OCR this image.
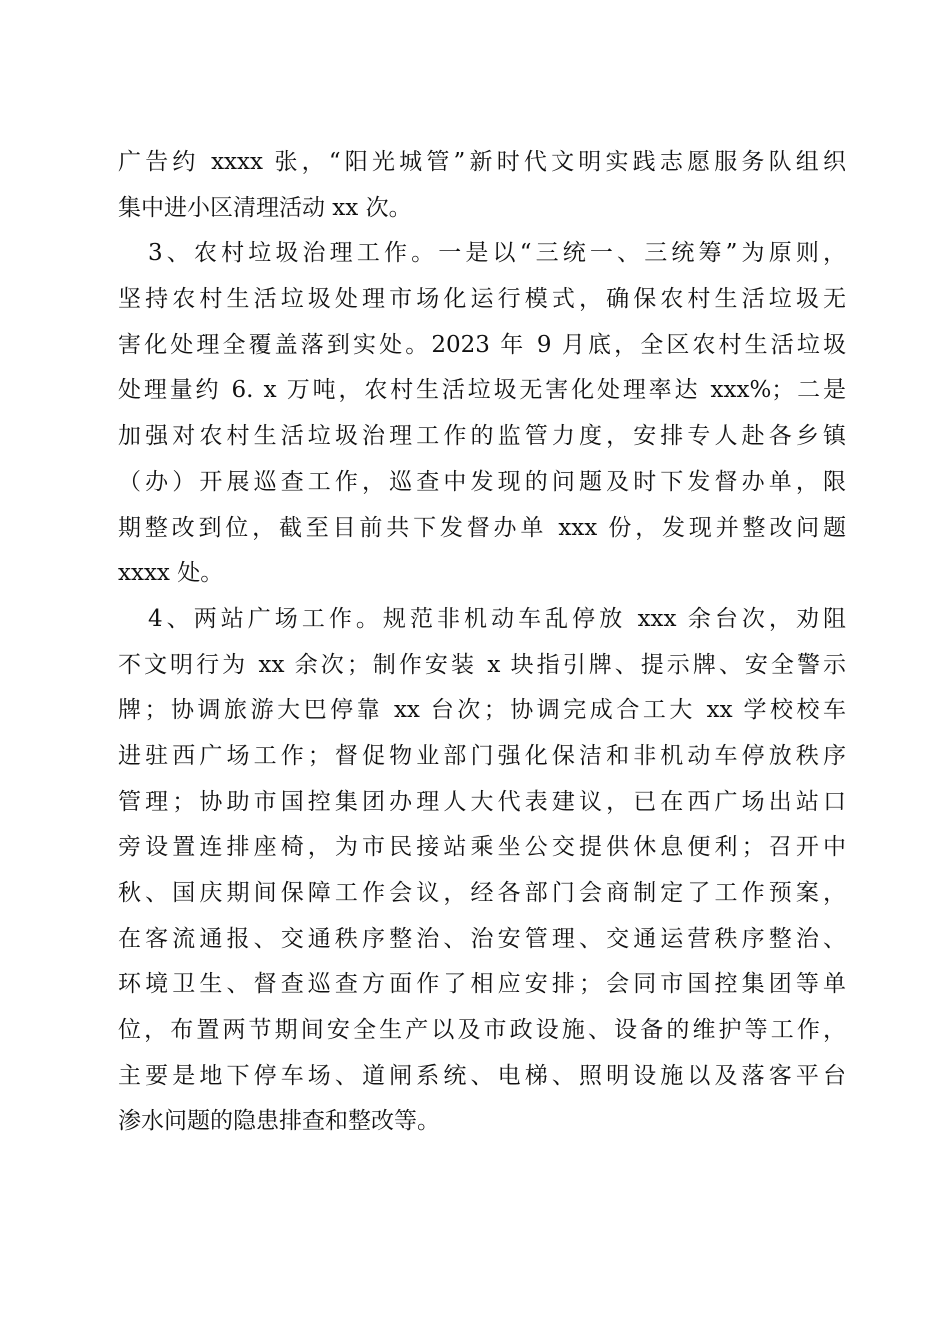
广告约 xxxx 张，“阳光城管”新时代文明实践志愿服务队组织
集中进小区清理活动 xx 次。
3、农村垃圾治理工作。一是以“三统一、三统筹”为原则，
坚持农村生活垃圾处理市场化运行模式，确保农村生活垃圾无
害化处理全覆盖落到实处。2023 年 9 月底，全区农村生活垃圾
处理量约 6. x 万吨，农村生活垃圾无害化处理率达 xxx%；二是
加强对农村生活垃圾治理工作的监管力度，安排专人赴各乡镇
（办）开展巡查工作，巡查中发现的问题及时下发督办单，限
期整改到位，截至目前共下发督办单 xxx 份，发现并整改问题
xxxx 处。
4、两站广场工作。规范非机动车乱停放 xxx 余台次，劝阻
不文明行为 xx 余次；制作安装 x 块指引牌、提示牌、安全警示
牌；协调旅游大巴停靠 xx 台次；协调完成合工大 xx 学校校车
进驻西广场工作；督促物业部门强化保洁和非机动车停放秩序
管理；协助市国控集团办理人大代表建议，已在西广场出站口
旁设置连排座椅，为市民接站乘坐公交提供休息便利；召开中
秋、国庆期间保障工作会议，经各部门会商制定了工作预案，
在客流通报、交通秩序整治、治安管理、交通运营秩序整治、
环境卫生、督查巡查方面作了相应安排；会同市国控集团等单
位，布置两节期间安全生产以及市政设施、设备的维护等工作，
主要是地下停车场、道闸系统、电梯、照明设施以及落客平台
渗水问题的隐患排查和整改等。
